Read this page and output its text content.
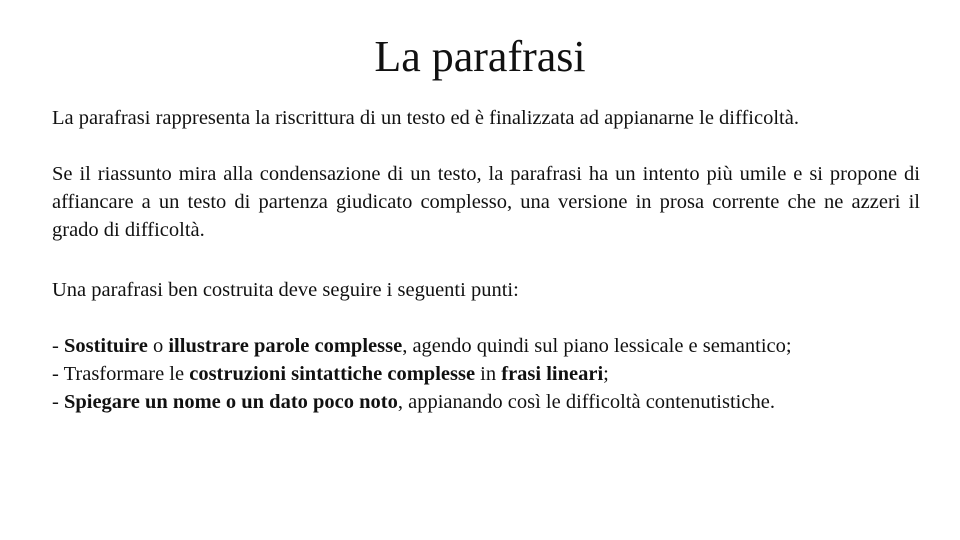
La parafrasi

La parafrasi rappresenta la riscrittura di un testo ed è finalizzata ad appianarne le difficoltà.

Se il riassunto mira alla condensazione di un testo, la parafrasi ha un intento più umile e si propone di affiancare a un testo di partenza giudicato complesso, una versione in prosa corrente che ne azzeri il grado di difficoltà.

Una parafrasi ben costruita deve seguire i seguenti punti:

- Sostituire o illustrare parole complesse, agendo quindi sul piano lessicale e semantico;
- Trasformare le costruzioni sintattiche complesse in frasi lineari;
- Spiegare un nome o un dato poco noto, appianando così le difficoltà contenutistiche.
